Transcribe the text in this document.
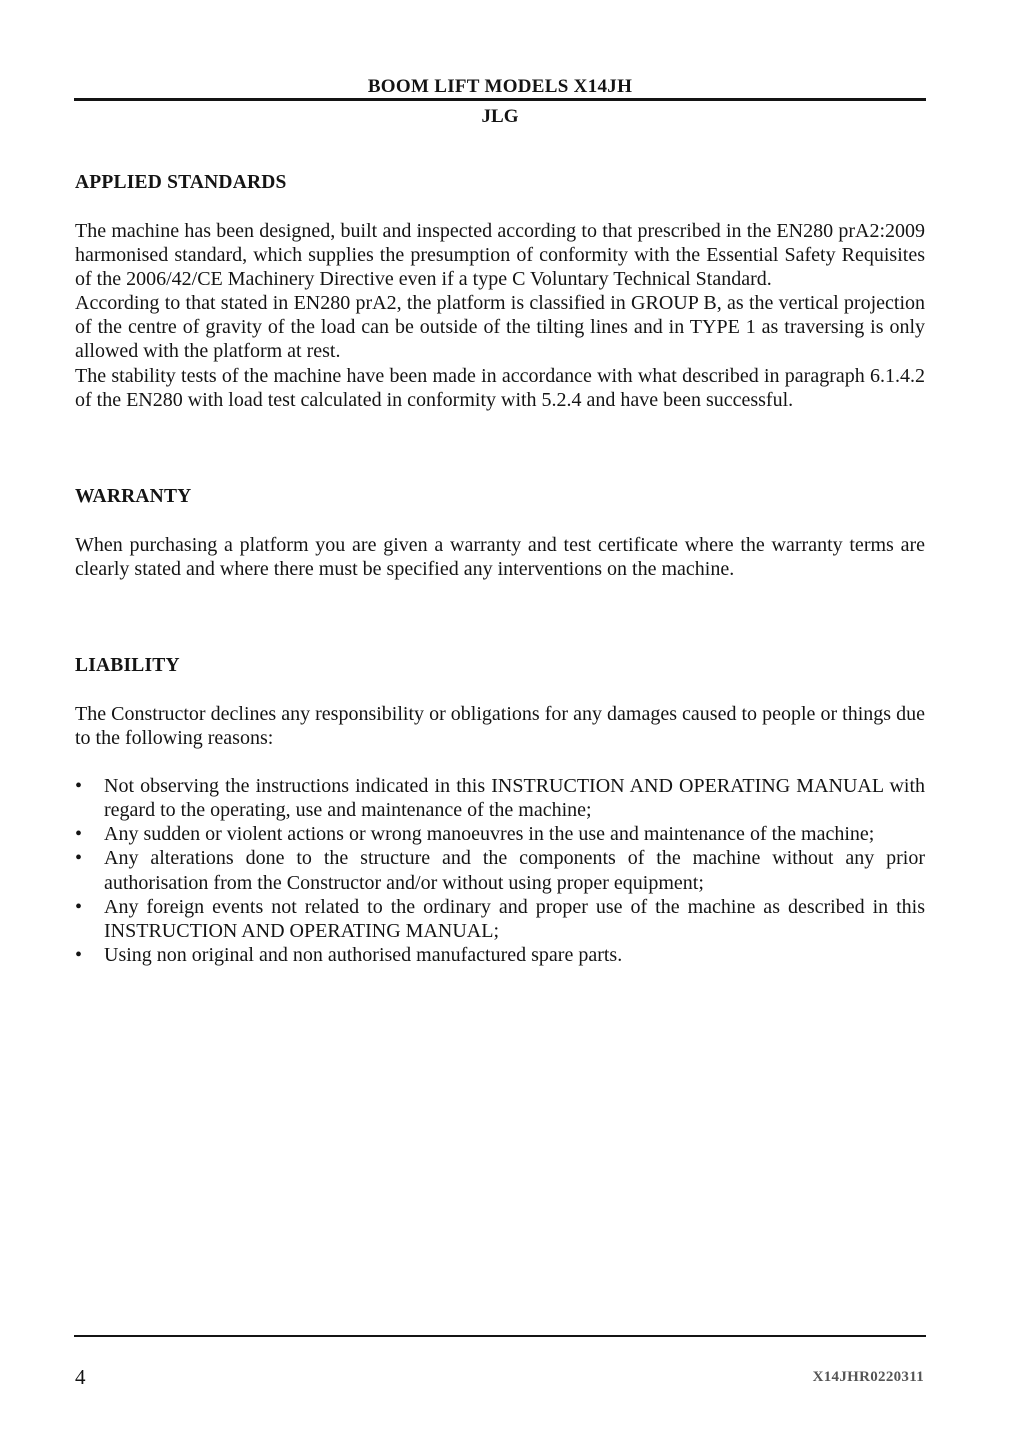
BOOM LIFT MODELS X14JH
JLG
APPLIED STANDARDS

The machine has been designed, built and inspected according to that prescribed in the EN280 prA2:2009 harmonised standard, which supplies the presumption of conformity with the Essential Safety Requisites of the 2006/42/CE Machinery Directive even if a type C Voluntary Technical Standard.

According to that stated in EN280 prA2, the platform is classified in GROUP B, as the vertical projection of the centre of gravity of the load can be outside of the tilting lines and in TYPE 1 as traversing is only allowed with the platform at rest.

The stability tests of the machine have been made in accordance with what described in paragraph 6.1.4.2 of the EN280 with load test calculated in conformity with 5.2.4 and have been successful.

WARRANTY

When purchasing a platform you are given a warranty and test certificate where the warranty terms are clearly stated and where there must be specified any interventions on the machine.

LIABILITY

The Constructor declines any responsibility or obligations for any damages caused to people or things due to the following reasons:

• Not observing the instructions indicated in this INSTRUCTION AND OPERATING MANUAL with regard to the operating, use and maintenance of the machine;
• Any sudden or violent actions or wrong manoeuvres in the use and maintenance of the machine;
• Any alterations done to the structure and the components of the machine without any prior authorisation from the Constructor and/or without using proper equipment;
• Any foreign events not related to the ordinary and proper use of the machine as described in this INSTRUCTION AND OPERATING MANUAL;
• Using non original and non authorised manufactured spare parts.
4	X14JHR0220311
